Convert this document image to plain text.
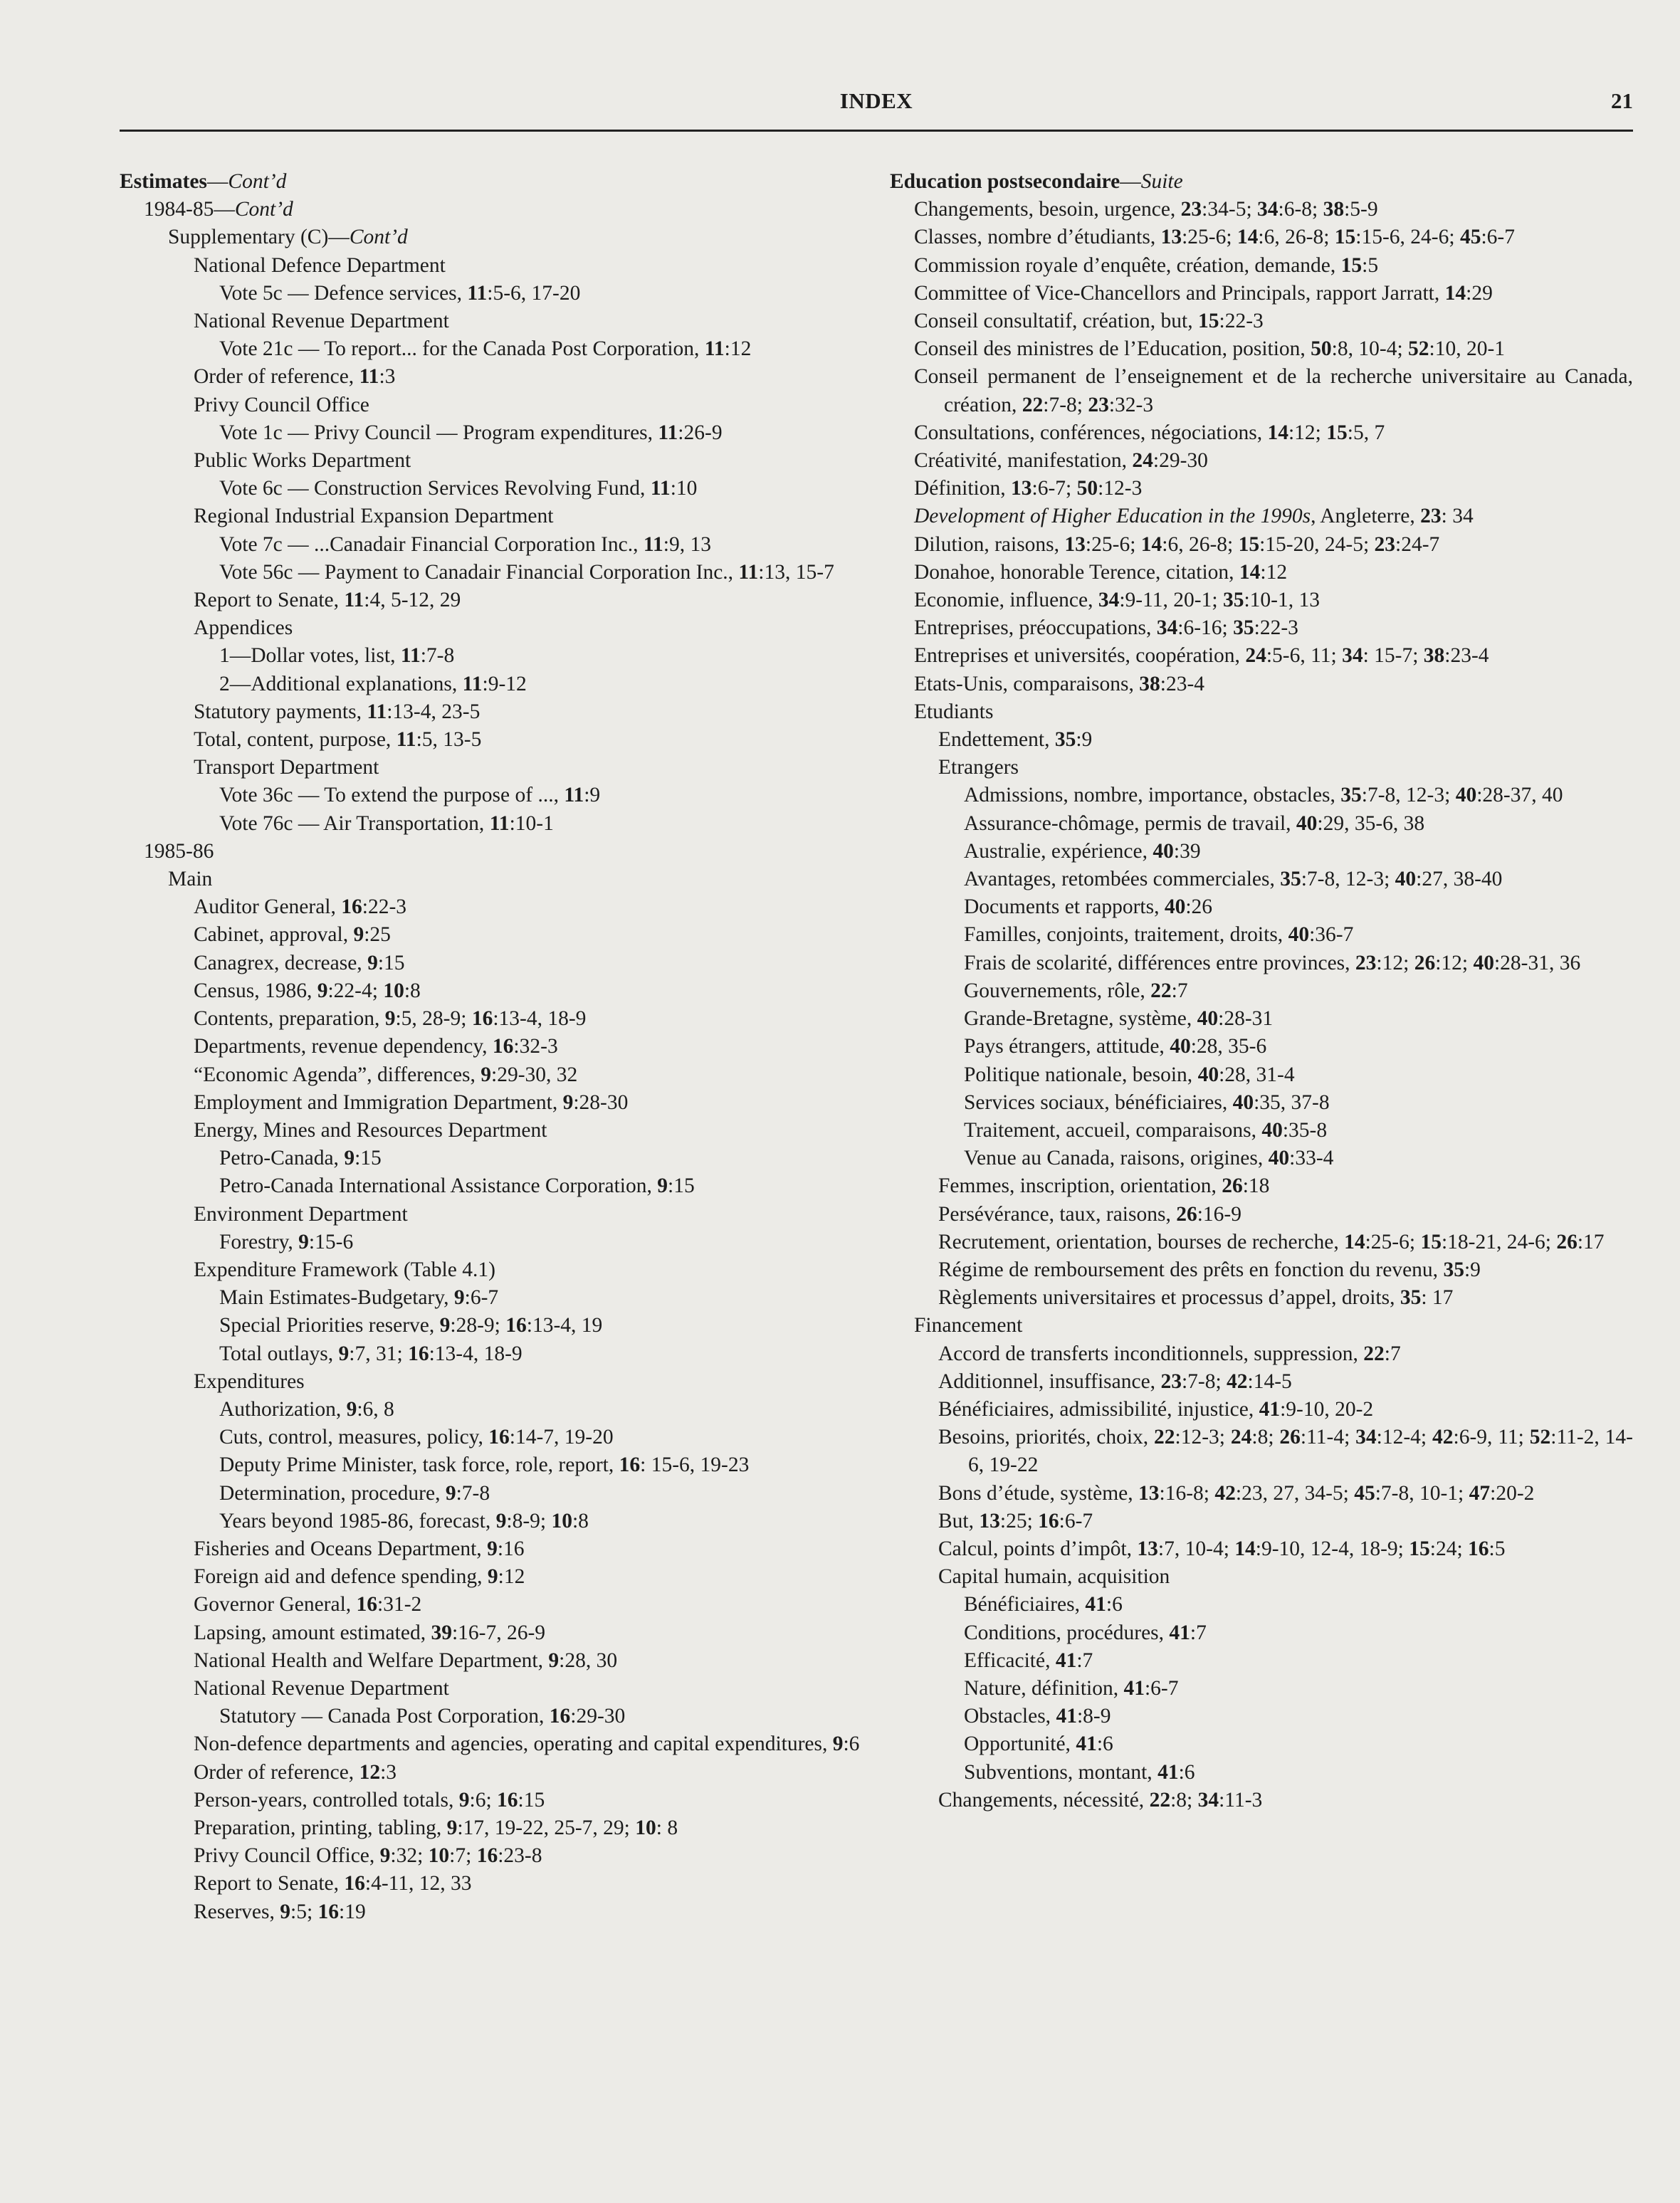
INDEX	21
Estimates—Cont’d
1984-85—Cont’d
Supplementary (C)—Cont’d
National Defence Department
Vote 5c — Defence services, 11:5-6, 17-20
National Revenue Department
Vote 21c — To report... for the Canada Post Corporation, 11:12
Order of reference, 11:3
Privy Council Office
Vote 1c — Privy Council — Program expenditures, 11:26-9
Public Works Department
Vote 6c — Construction Services Revolving Fund, 11:10
Regional Industrial Expansion Department
Vote 7c — ...Canadair Financial Corporation Inc., 11:9, 13
Vote 56c — Payment to Canadair Financial Corporation Inc., 11:13, 15-7
Report to Senate, 11:4, 5-12, 29
Appendices
1—Dollar votes, list, 11:7-8
2—Additional explanations, 11:9-12
Statutory payments, 11:13-4, 23-5
Total, content, purpose, 11:5, 13-5
Transport Department
Vote 36c — To extend the purpose of ..., 11:9
Vote 76c — Air Transportation, 11:10-1
1985-86
Main
Auditor General, 16:22-3
Cabinet, approval, 9:25
Canagrex, decrease, 9:15
Census, 1986, 9:22-4; 10:8
Contents, preparation, 9:5, 28-9; 16:13-4, 18-9
Departments, revenue dependency, 16:32-3
“Economic Agenda”, differences, 9:29-30, 32
Employment and Immigration Department, 9:28-30
Energy, Mines and Resources Department
Petro-Canada, 9:15
Petro-Canada International Assistance Corporation, 9:15
Environment Department
Forestry, 9:15-6
Expenditure Framework (Table 4.1)
Main Estimates-Budgetary, 9:6-7
Special Priorities reserve, 9:28-9; 16:13-4, 19
Total outlays, 9:7, 31; 16:13-4, 18-9
Expenditures
Authorization, 9:6, 8
Cuts, control, measures, policy, 16:14-7, 19-20
Deputy Prime Minister, task force, role, report, 16: 15-6, 19-23
Determination, procedure, 9:7-8
Years beyond 1985-86, forecast, 9:8-9; 10:8
Fisheries and Oceans Department, 9:16
Foreign aid and defence spending, 9:12
Governor General, 16:31-2
Lapsing, amount estimated, 39:16-7, 26-9
National Health and Welfare Department, 9:28, 30
National Revenue Department
Statutory — Canada Post Corporation, 16:29-30
Non-defence departments and agencies, operating and capital expenditures, 9:6
Order of reference, 12:3
Person-years, controlled totals, 9:6; 16:15
Preparation, printing, tabling, 9:17, 19-22, 25-7, 29; 10: 8
Privy Council Office, 9:32; 10:7; 16:23-8
Report to Senate, 16:4-11, 12, 33
Reserves, 9:5; 16:19
Education postsecondaire—Suite
Changements, besoin, urgence, 23:34-5; 34:6-8; 38:5-9
Classes, nombre d’étudiants, 13:25-6; 14:6, 26-8; 15:15-6, 24-6; 45:6-7
Commission royale d’enquête, création, demande, 15:5
Committee of Vice-Chancellors and Principals, rapport Jarratt, 14:29
Conseil consultatif, création, but, 15:22-3
Conseil des ministres de l’Education, position, 50:8, 10-4; 52:10, 20-1
Conseil permanent de l’enseignement et de la recherche universitaire au Canada, création, 22:7-8; 23:32-3
Consultations, conférences, négociations, 14:12; 15:5, 7
Créativité, manifestation, 24:29-30
Définition, 13:6-7; 50:12-3
Development of Higher Education in the 1990s, Angleterre, 23: 34
Dilution, raisons, 13:25-6; 14:6, 26-8; 15:15-20, 24-5; 23:24-7
Donahoe, honorable Terence, citation, 14:12
Economie, influence, 34:9-11, 20-1; 35:10-1, 13
Entreprises, préoccupations, 34:6-16; 35:22-3
Entreprises et universités, coopération, 24:5-6, 11; 34: 15-7; 38:23-4
Etats-Unis, comparaisons, 38:23-4
Etudiants
Endettement, 35:9
Etrangers
Admissions, nombre, importance, obstacles, 35:7-8, 12-3; 40:28-37, 40
Assurance-chômage, permis de travail, 40:29, 35-6, 38
Australie, expérience, 40:39
Avantages, retombées commerciales, 35:7-8, 12-3; 40:27, 38-40
Documents et rapports, 40:26
Familles, conjoints, traitement, droits, 40:36-7
Frais de scolarité, différences entre provinces, 23:12; 26:12; 40:28-31, 36
Gouvernements, rôle, 22:7
Grande-Bretagne, système, 40:28-31
Pays étrangers, attitude, 40:28, 35-6
Politique nationale, besoin, 40:28, 31-4
Services sociaux, bénéficiaires, 40:35, 37-8
Traitement, accueil, comparaisons, 40:35-8
Venue au Canada, raisons, origines, 40:33-4
Femmes, inscription, orientation, 26:18
Persévérance, taux, raisons, 26:16-9
Recrutement, orientation, bourses de recherche, 14:25-6; 15:18-21, 24-6; 26:17
Régime de remboursement des prêts en fonction du revenu, 35:9
Règlements universitaires et processus d’appel, droits, 35: 17
Financement
Accord de transferts inconditionnels, suppression, 22:7
Additionnel, insuffisance, 23:7-8; 42:14-5
Bénéficiaires, admissibilité, injustice, 41:9-10, 20-2
Besoins, priorités, choix, 22:12-3; 24:8; 26:11-4; 34:12-4; 42:6-9, 11; 52:11-2, 14-6, 19-22
Bons d’étude, système, 13:16-8; 42:23, 27, 34-5; 45:7-8, 10-1; 47:20-2
But, 13:25; 16:6-7
Calcul, points d’impôt, 13:7, 10-4; 14:9-10, 12-4, 18-9; 15:24; 16:5
Capital humain, acquisition
Bénéficiaires, 41:6
Conditions, procédures, 41:7
Efficacité, 41:7
Nature, définition, 41:6-7
Obstacles, 41:8-9
Opportunité, 41:6
Subventions, montant, 41:6
Changements, nécessité, 22:8; 34:11-3
